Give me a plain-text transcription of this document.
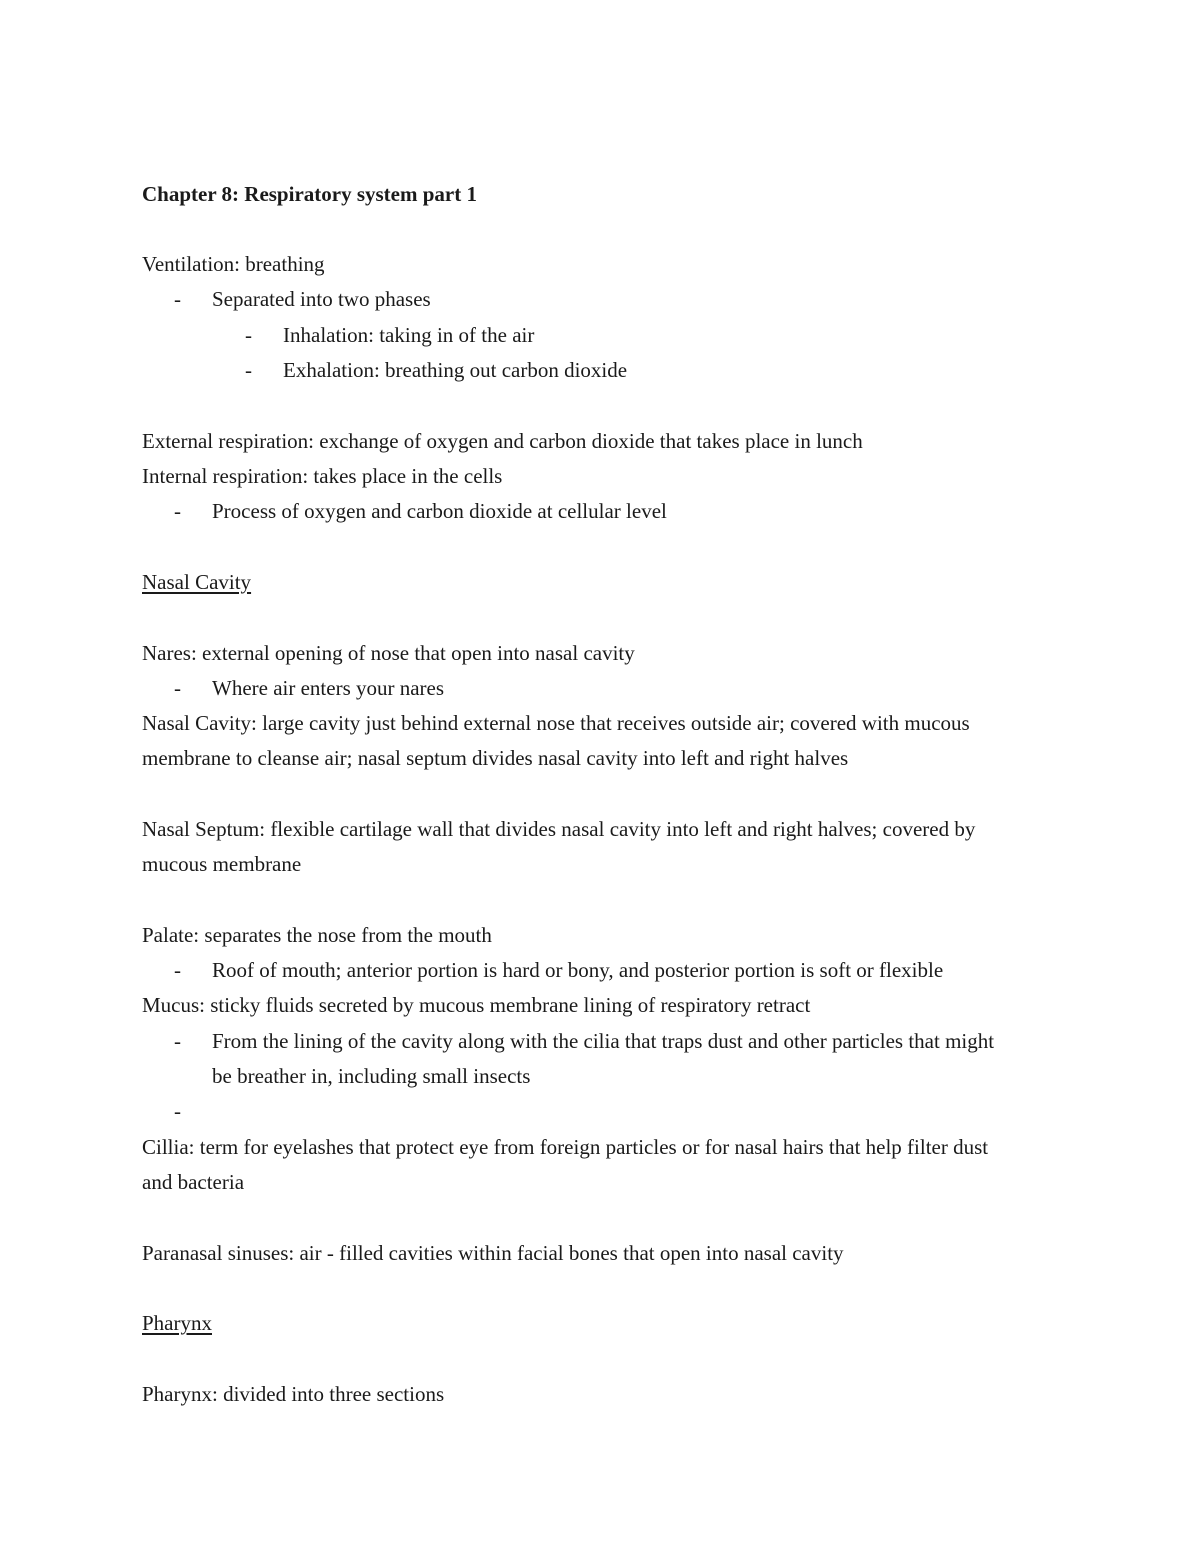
Chapter 8: Respiratory system part 1
Ventilation: breathing
- Separated into two phases
- Inhalation: taking in of the air
- Exhalation: breathing out carbon dioxide
External respiration: exchange of oxygen and carbon dioxide that takes place in lunch
Internal respiration: takes place in the cells
- Process of oxygen and carbon dioxide at cellular level
Nasal Cavity
Nares: external opening of nose that open into nasal cavity
- Where air enters your nares
Nasal Cavity: large cavity just behind external nose that receives outside air; covered with mucous
membrane to cleanse air; nasal septum divides nasal cavity into left and right halves
Nasal Septum: flexible cartilage wall that divides nasal cavity into left and right halves; covered by
mucous membrane
Palate: separates the nose from the mouth
- Roof of mouth; anterior portion is hard or bony, and posterior portion is soft or flexible
Mucus: sticky fluids secreted by mucous membrane lining of respiratory retract
- From the lining of the cavity along with the cilia that traps dust and other particles that might
be breather in, including small insects
-
Cillia: term for eyelashes that protect eye from foreign particles or for nasal hairs that help filter dust
and bacteria
Paranasal sinuses: air - filled cavities within facial bones that open into nasal cavity
Pharynx
Pharynx: divided into three sections
